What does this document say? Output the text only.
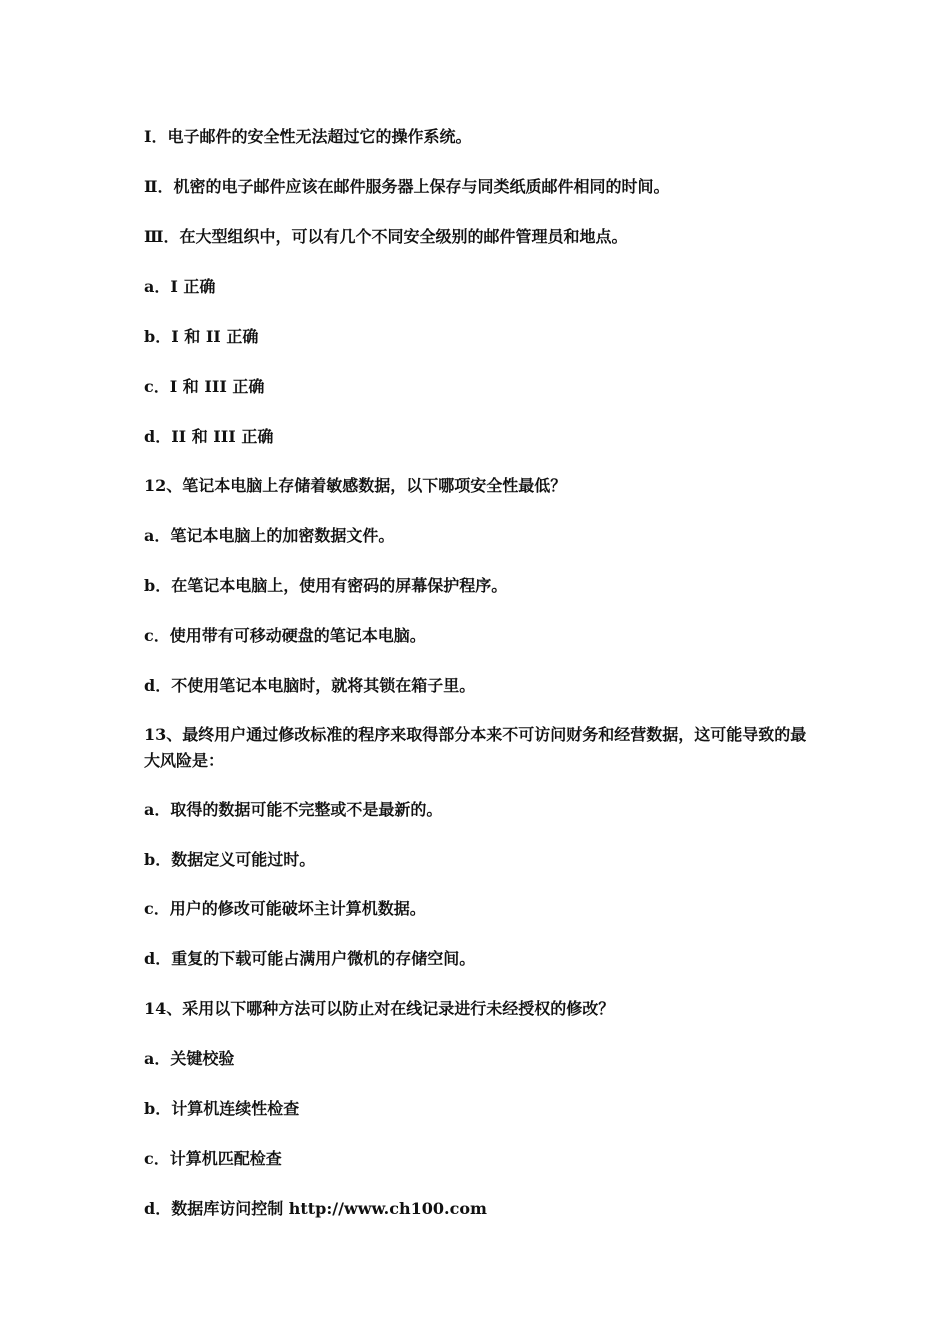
Ⅰ．电子邮件的安全性无法超过它的操作系统。

Ⅱ．机密的电子邮件应该在邮件服务器上保存与同类纸质邮件相同的时间。

Ⅲ．在大型组织中，可以有几个不同安全级别的邮件管理员和地点。

a．I 正确

b．I 和 II 正确

c．I 和 III 正确

d．II 和 III 正确

12、笔记本电脑上存储着敏感数据，以下哪项安全性最低？

a．笔记本电脑上的加密数据文件。

b．在笔记本电脑上，使用有密码的屏幕保护程序。

c．使用带有可移动硬盘的笔记本电脑。

d．不使用笔记本电脑时，就将其锁在箱子里。

13、最终用户通过修改标准的程序来取得部分本来不可访问财务和经营数据，这可能导致的最大风险是：

a．取得的数据可能不完整或不是最新的。

b．数据定义可能过时。

c．用户的修改可能破坏主计算机数据。

d．重复的下载可能占满用户微机的存储空间。

14、采用以下哪种方法可以防止对在线记录进行未经授权的修改？

a．关键校验

b．计算机连续性检查

c．计算机匹配检查

d．数据库访问控制 http://www.ch100.com
